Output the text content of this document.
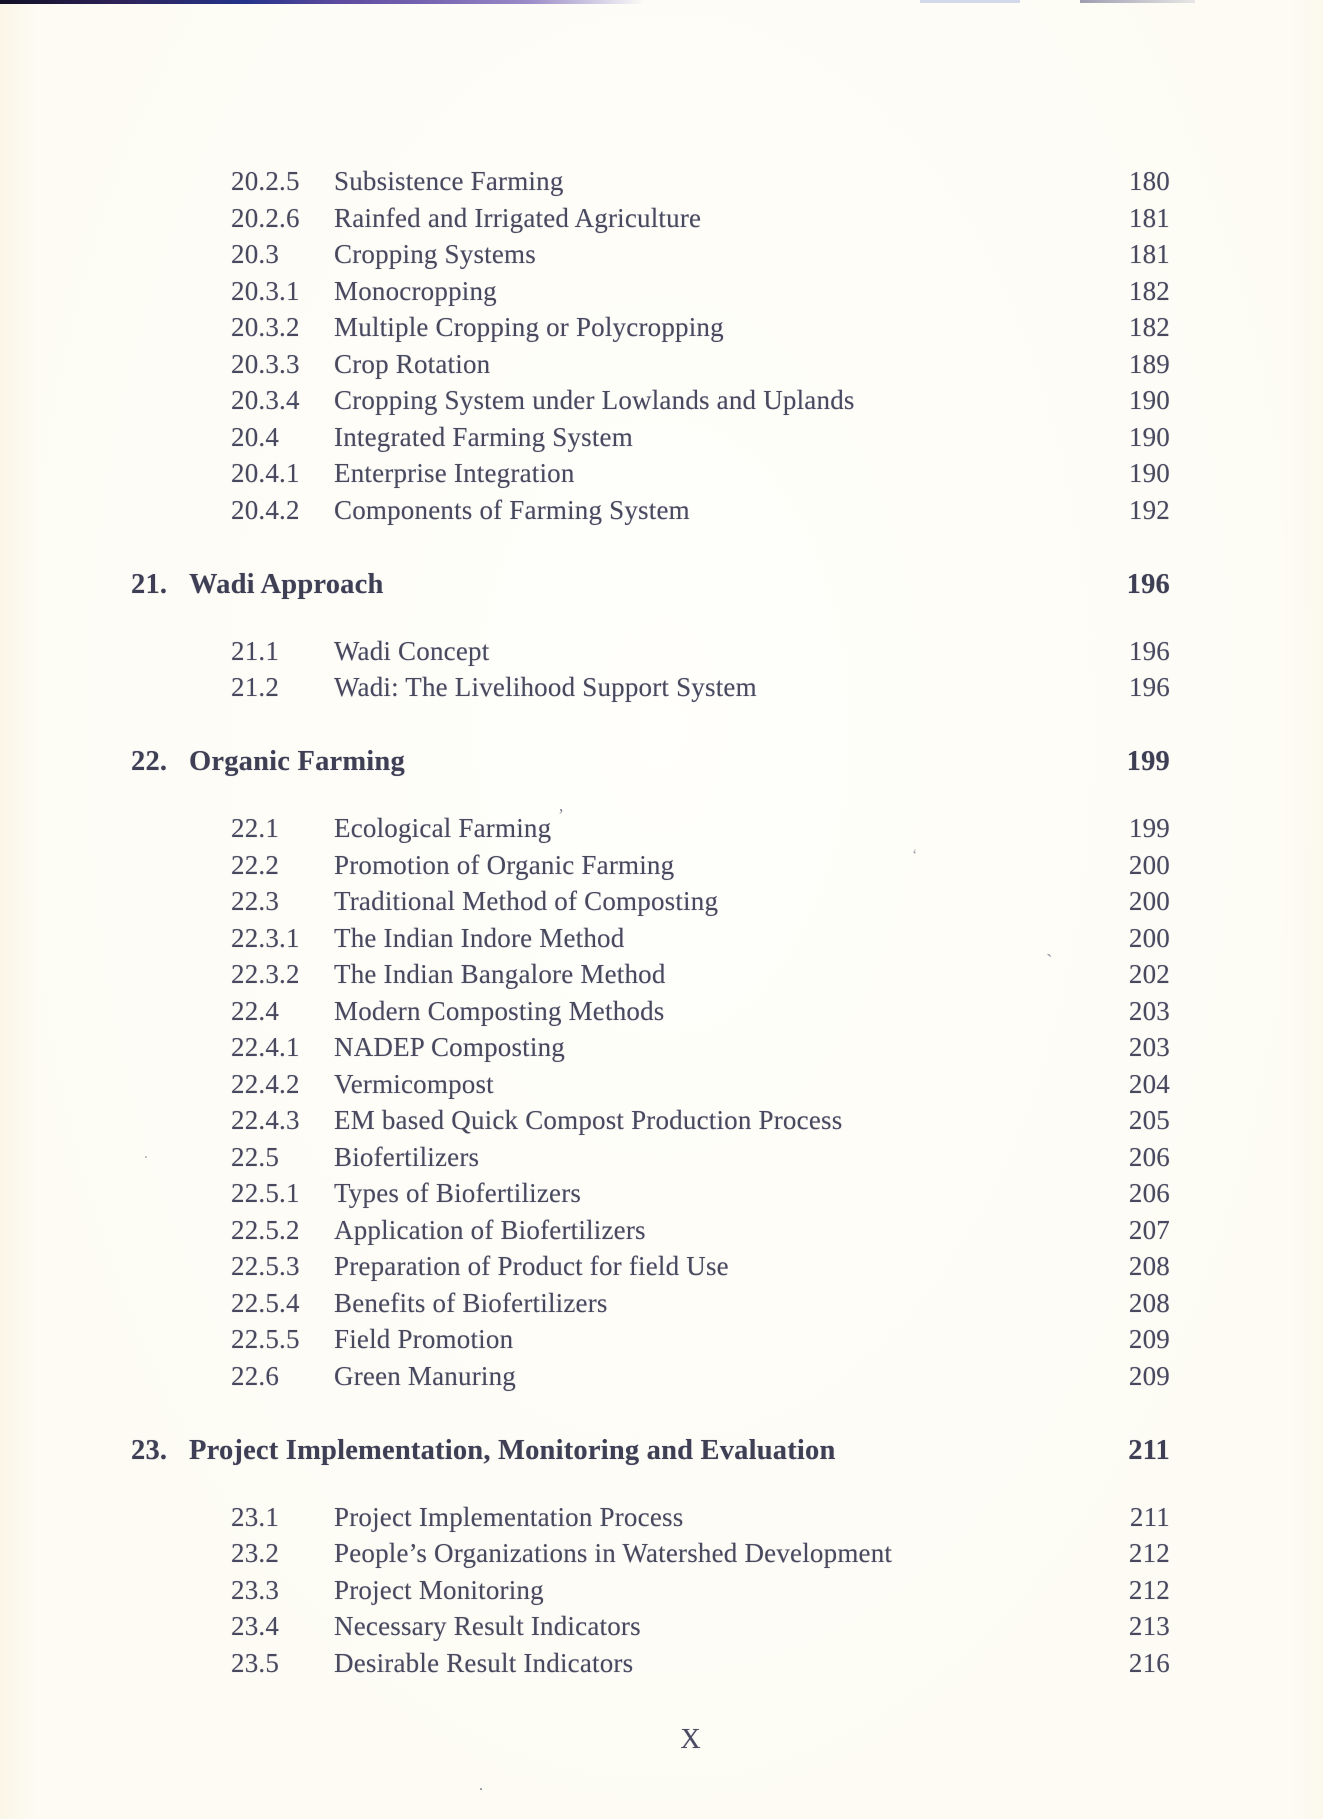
20.2.5	Subsistence Farming	180
20.2.6	Rainfed and Irrigated Agriculture	181
20.3	Cropping Systems	181
20.3.1	Monocropping	182
20.3.2	Multiple Cropping or Polycropping	182
20.3.3	Crop Rotation	189
20.3.4	Cropping System under Lowlands and Uplands	190
20.4	Integrated Farming System	190
20.4.1	Enterprise Integration	190
20.4.2	Components of Farming System	192
21. Wadi Approach	196
21.1	Wadi Concept	196
21.2	Wadi: The Livelihood Support System	196
22. Organic Farming	199
22.1	Ecological Farming	199
22.2	Promotion of Organic Farming	200
22.3	Traditional Method of Composting	200
22.3.1	The Indian Indore Method	200
22.3.2	The Indian Bangalore Method	202
22.4	Modern Composting Methods	203
22.4.1	NADEP Composting	203
22.4.2	Vermicompost	204
22.4.3	EM based Quick Compost Production Process	205
22.5	Biofertilizers	206
22.5.1	Types of Biofertilizers	206
22.5.2	Application of Biofertilizers	207
22.5.3	Preparation of Product for field Use	208
22.5.4	Benefits of Biofertilizers	208
22.5.5	Field Promotion	209
22.6	Green Manuring	209
23. Project Implementation, Monitoring and Evaluation	211
23.1	Project Implementation Process	211
23.2	People’s Organizations in Watershed Development	212
23.3	Project Monitoring	212
23.4	Necessary Result Indicators	213
23.5	Desirable Result Indicators	216
X
’
‘
`
.
.
